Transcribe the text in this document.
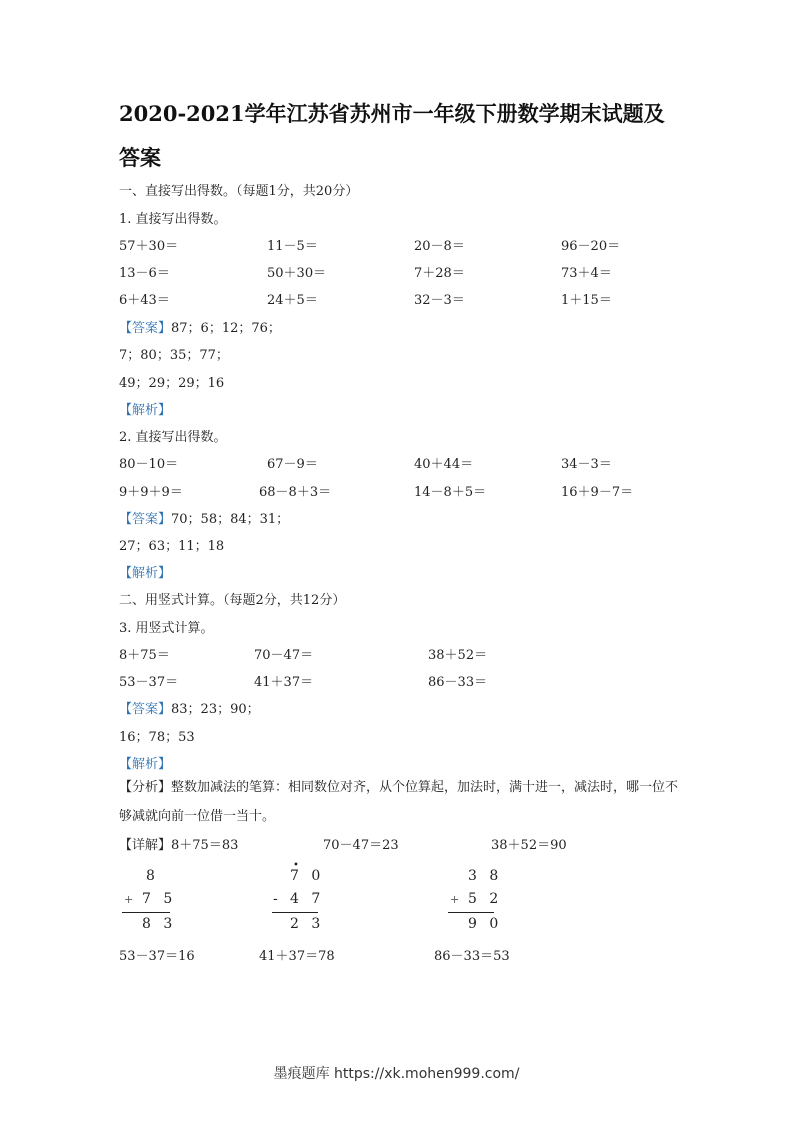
2020-2021学年江苏省苏州市一年级下册数学期末试题及答案
一、直接写出得数。（每题1分，共20分）
1. 直接写出得数。
57＋30＝	11－5＝	20－8＝	96－20＝
13－6＝	50＋30＝	7＋28＝	73＋4＝
6＋43＝	24＋5＝	32－3＝	1＋15＝
【答案】87；6；12；76；
7；80；35；77；
49；29；29；16
【解析】
2. 直接写出得数。
80－10＝	67－9＝	40＋44＝	34－3＝
9＋9＋9＝	68－8＋3＝	14－8＋5＝	16＋9－7＝
【答案】70；58；84；31；
27；63；11；18
【解析】
二、用竖式计算。（每题2分，共12分）
3. 用竖式计算。
8＋75＝	70－47＝	38＋52＝
53－37＝	41＋37＝	86－33＝
【答案】83；23；90；
16；78；53
【解析】
【分析】整数加减法的笔算：相同数位对齐，从个位算起，加法时，满十进一，减法时，哪一位不够减就向前一位借一当十。
【详解】8＋75＝83	70－47＝23	38＋52＝90
8
+ 7 5
8 3
•
7 0
- 4 7
2 3
3 8
+ 5 2
9 0
53－37＝16	41＋37＝78	86－33＝53
墨痕题库 https://xk.mohen999.com/
